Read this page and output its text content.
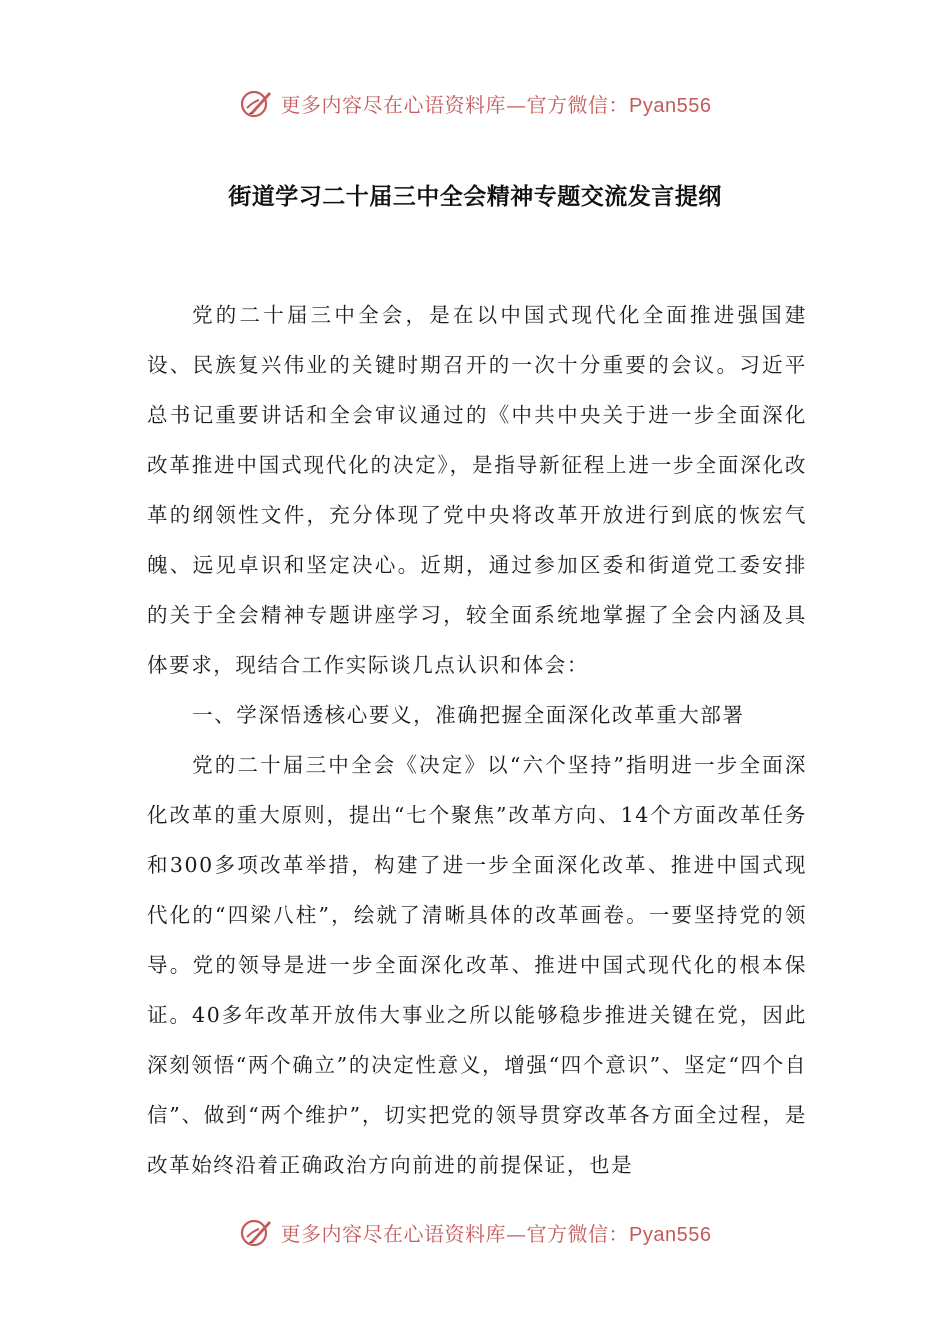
更多内容尽在心语资料库—官方微信：Pyan556
街道学习二十届三中全会精神专题交流发言提纲

党的二十届三中全会，是在以中国式现代化全面推进强国建设、民族复兴伟业的关键时期召开的一次十分重要的会议。习近平总书记重要讲话和全会审议通过的《中共中央关于进一步全面深化改革推进中国式现代化的决定》，是指导新征程上进一步全面深化改革的纲领性文件，充分体现了党中央将改革开放进行到底的恢宏气魄、远见卓识和坚定决心。近期，通过参加区委和街道党工委安排的关于全会精神专题讲座学习，较全面系统地掌握了全会内涵及具体要求，现结合工作实际谈几点认识和体会：

一、学深悟透核心要义，准确把握全面深化改革重大部署

党的二十届三中全会《决定》以“六个坚持”指明进一步全面深化改革的重大原则，提出“七个聚焦”改革方向、14个方面改革任务和300多项改革举措，构建了进一步全面深化改革、推进中国式现代化的“四梁八柱”，绘就了清晰具体的改革画卷。一要坚持党的领导。党的领导是进一步全面深化改革、推进中国式现代化的根本保证。40多年改革开放伟大事业之所以能够稳步推进关键在党，因此深刻领悟“两个确立”的决定性意义，增强“四个意识”、坚定“四个自信”、做到“两个维护”，切实把党的领导贯穿改革各方面全过程，是改革始终沿着正确政治方向前进的前提保证，也是

更多内容尽在心语资料库—官方微信：Pyan556
